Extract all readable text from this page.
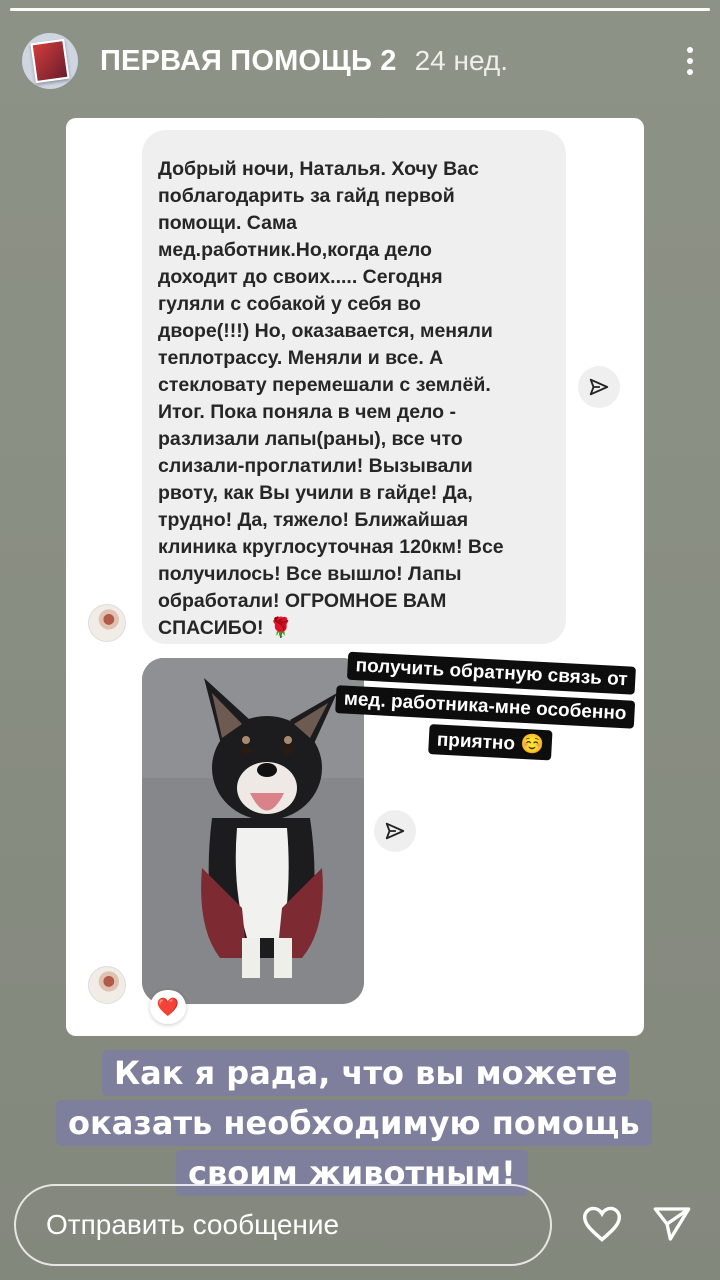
ПЕРВАЯ ПОМОЩЬ 2 24 нед.
Добрый ночи, Наталья. Хочу Вас
поблагодарить за гайд первой
помощи. Сама
мед.работник.Но,когда дело
доходит до своих..... Сегодня
гуляли с собакой у себя во
дворе(!!!) Но, оказавается, меняли
теплотрассу. Меняли и все. А
стекловату перемешали с землёй.
Итог. Пока поняла в чем дело -
разлизали лапы(раны), все что
слизали-проглатили! Вызывали
рвоту, как Вы учили в гайде! Да,
трудно! Да, тяжело! Ближайшая
клиника круглосуточная 120км! Все
получилось! Все вышло! Лапы
обработали! ОГРОМНОЕ ВАМ
СПАСИБО! 🌹
❤️
получить обратную связь от
мед. работника-мне особенно
приятно ☺️
Как я рада, что вы можете
оказать необходимую помощь
своим животным!
Отправить сообщение
